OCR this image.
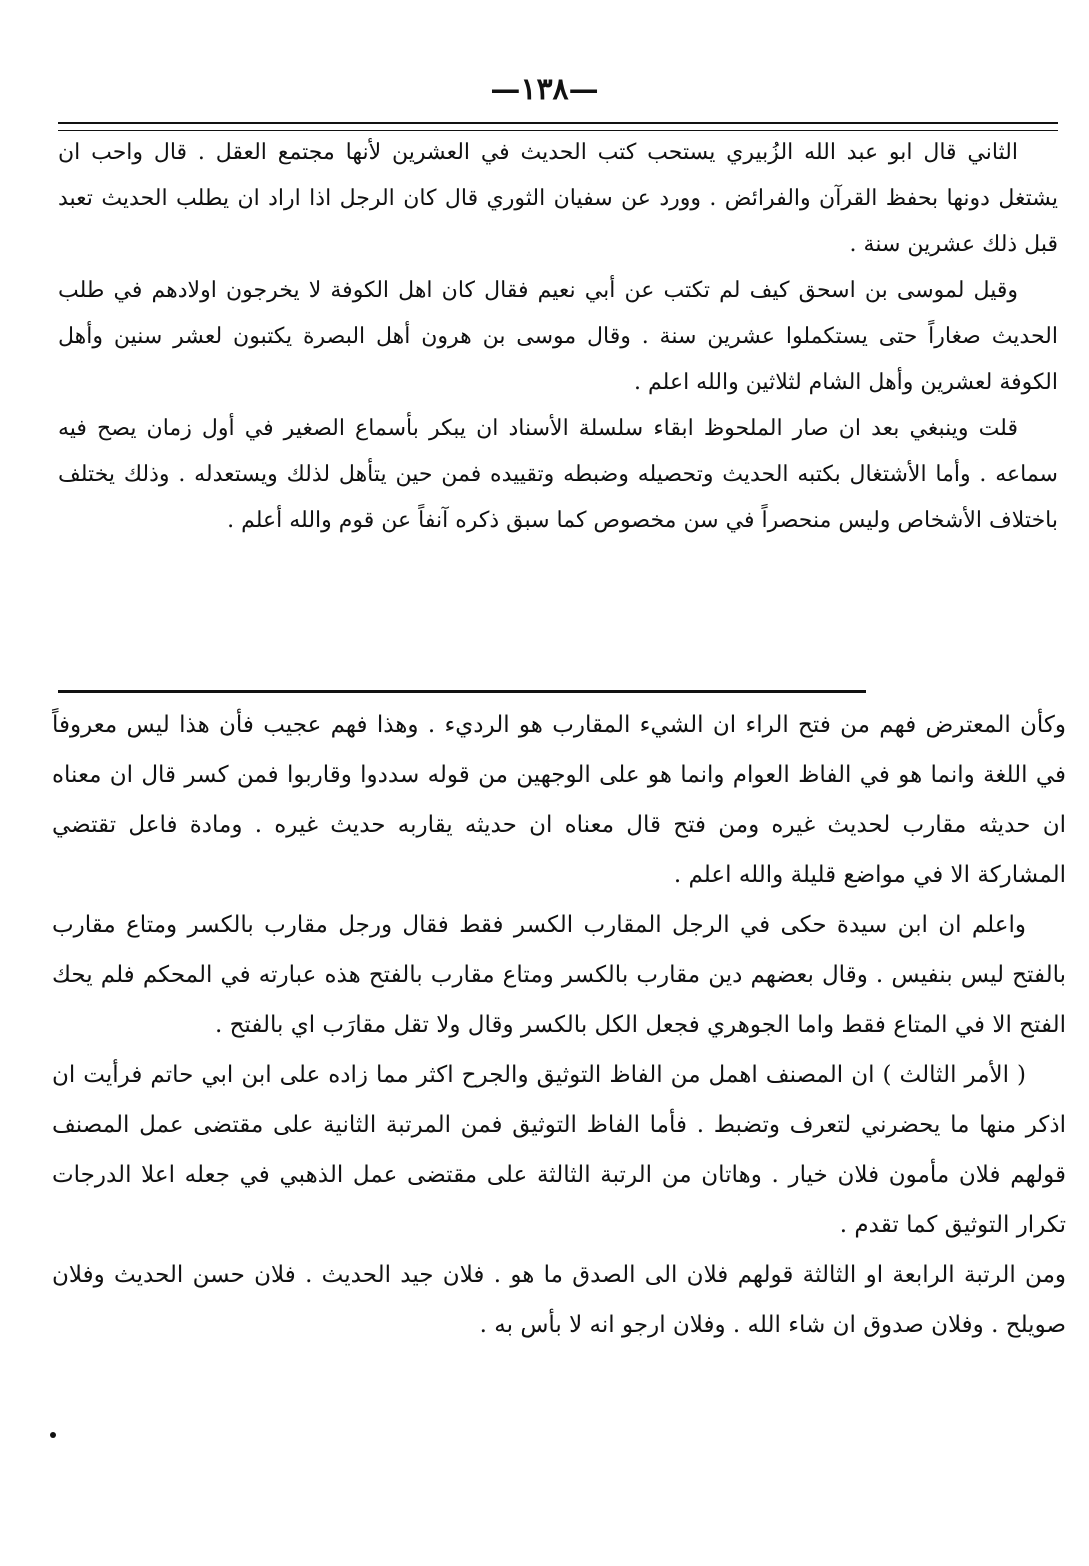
—١٣٨—

الثاني قال ابو عبد الله الزُبيري يستحب كتب الحديث في العشرين لأنها مجتمع العقل . قال واحب ان يشتغل دونها بحفظ القرآن والفرائض . وورد عن سفيان الثوري قال كان الرجل اذا اراد ان يطلب الحديث تعبد قبل ذلك عشرين سنة .

وقيل لموسى بن اسحق كيف لم تكتب عن أبي نعيم فقال كان اهل الكوفة لا يخرجون اولادهم في طلب الحديث صغاراً حتى يستكملوا عشرين سنة . وقال موسى بن هرون أهل البصرة يكتبون لعشر سنين وأهل الكوفة لعشرين وأهل الشام لثلاثين والله اعلم .

قلت وينبغي بعد ان صار الملحوظ ابقاء سلسلة الأسناد ان يبكر بأسماع الصغير في أول زمان يصح فيه سماعه . وأما الأشتغال بكتبه الحديث وتحصيله وضبطه وتقييده فمن حين يتأهل لذلك ويستعدله . وذلك يختلف باختلاف الأشخاص وليس منحصراً في سن مخصوص كما سبق ذكره آنفاً عن قوم والله أعلم .

وكأن المعترض فهم من فتح الراء ان الشيء المقارب هو الرديء . وهذا فهم عجيب فأن هذا ليس معروفاً في اللغة وانما هو في الفاظ العوام وانما هو على الوجهين من قوله سددوا وقاربوا فمن كسر قال ان معناه ان حديثه مقارب لحديث غيره ومن فتح قال معناه ان حديثه يقاربه حديث غيره . ومادة فاعل تقتضي المشاركة الا في مواضع قليلة والله اعلم .

واعلم ان ابن سيدة حكى في الرجل المقارب الكسر فقط فقال ورجل مقارب بالكسر ومتاع مقارب بالفتح ليس بنفيس . وقال بعضهم دين مقارب بالكسر ومتاع مقارب بالفتح هذه عبارته في المحكم فلم يحك الفتح الا في المتاع فقط واما الجوهري فجعل الكل بالكسر وقال ولا تقل مقارَب اي بالفتح .

( الأمر الثالث ) ان المصنف اهمل من الفاظ التوثيق والجرح اكثر مما زاده على ابن ابي حاتم فرأيت ان اذكر منها ما يحضرني لتعرف وتضبط . فأما الفاظ التوثيق فمن المرتبة الثانية على مقتضى عمل المصنف قولهم فلان مأمون فلان خيار . وهاتان من الرتبة الثالثة على مقتضى عمل الذهبي في جعله اعلا الدرجات تكرار التوثيق كما تقدم .

ومن الرتبة الرابعة او الثالثة قولهم فلان الى الصدق ما هو . فلان جيد الحديث . فلان حسن الحديث وفلان صويلح . وفلان صدوق ان شاء الله . وفلان ارجو انه لا بأس به .
